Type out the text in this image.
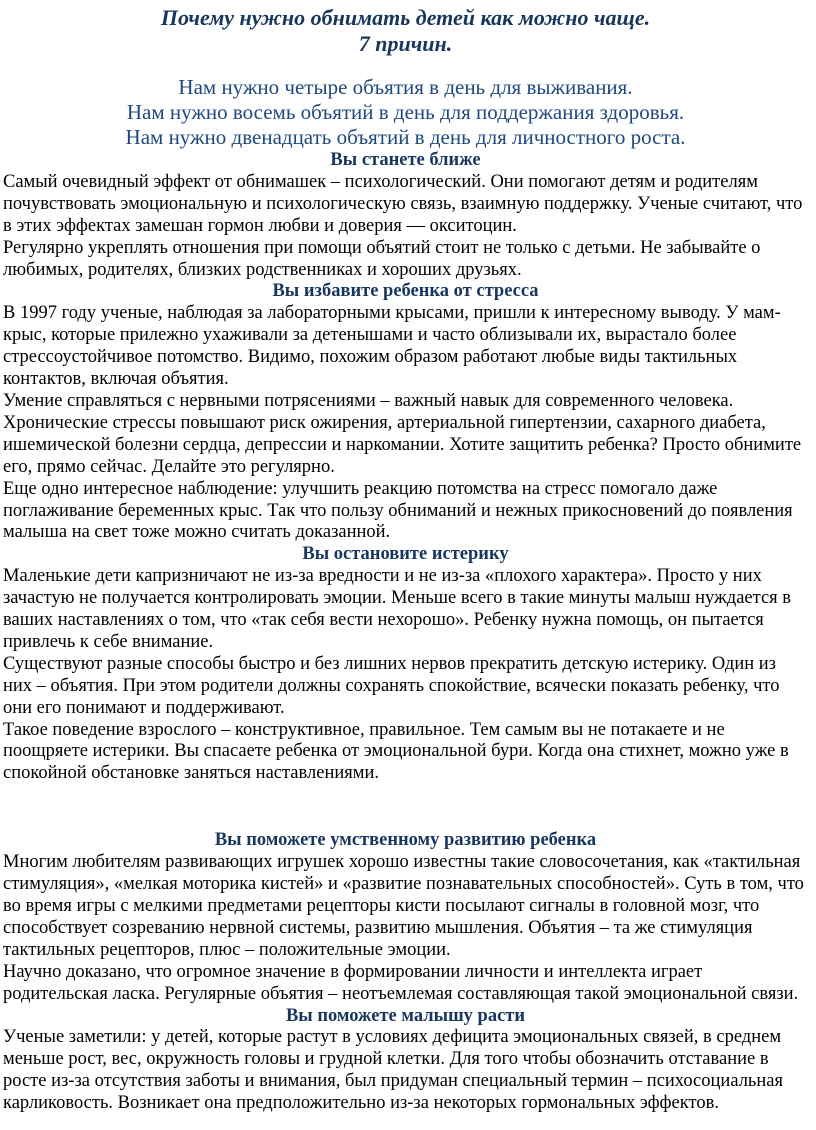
Почему нужно обнимать детей как можно чаще.
7 причин.
Нам нужно четыре объятия в день для выживания.
Нам нужно восемь объятий в день для поддержания здоровья.
Нам нужно двенадцать объятий в день для личностного роста.
Вы станете ближе

Самый очевидный эффект от обнимашек – психологический. Они помогают детям и родителям почувствовать эмоциональную и психологическую связь, взаимную поддержку. Ученые считают, что в этих эффектах замешан гормон любви и доверия — окситоцин.

Регулярно укреплять отношения при помощи объятий стоит не только с детьми. Не забывайте о любимых, родителях, близких родственниках и хороших друзьях.

Вы избавите ребенка от стресса

В 1997 году ученые, наблюдая за лабораторными крысами, пришли к интересному выводу. У мам-крыс, которые прилежно ухаживали за детенышами и часто облизывали их, вырастало более стрессоустойчивое потомство. Видимо, похожим образом работают любые виды тактильных контактов, включая объятия.

Умение справляться с нервными потрясениями – важный навык для современного человека. Хронические стрессы повышают риск ожирения, артериальной гипертензии, сахарного диабета, ишемической болезни сердца, депрессии и наркомании. Хотите защитить ребенка? Просто обнимите его, прямо сейчас. Делайте это регулярно.

Еще одно интересное наблюдение: улучшить реакцию потомства на стресс помогало даже поглаживание беременных крыс. Так что пользу обниманий и нежных прикосновений до появления малыша на свет тоже можно считать доказанной.

Вы остановите истерику

Маленькие дети капризничают не из-за вредности и не из-за «плохого характера». Просто у них зачастую не получается контролировать эмоции. Меньше всего в такие минуты малыш нуждается в ваших наставлениях о том, что «так себя вести нехорошо». Ребенку нужна помощь, он пытается привлечь к себе внимание.

Существуют разные способы быстро и без лишних нервов прекратить детскую истерику. Один из них – объятия. При этом родители должны сохранять спокойствие, всячески показать ребенку, что они его понимают и поддерживают.

Такое поведение взрослого – конструктивное, правильное. Тем самым вы не потакаете и не поощряете истерики. Вы спасаете ребенка от эмоциональной бури. Когда она стихнет, можно уже в спокойной обстановке заняться наставлениями.

Вы поможете умственному развитию ребенка

Многим любителям развивающих игрушек хорошо известны такие словосочетания, как «тактильная стимуляция», «мелкая моторика кистей» и «развитие познавательных способностей». Суть в том, что во время игры с мелкими предметами рецепторы кисти посылают сигналы в головной мозг, что способствует созреванию нервной системы, развитию мышления. Объятия – та же стимуляция тактильных рецепторов, плюс – положительные эмоции.

Научно доказано, что огромное значение в формировании личности и интеллекта играет родительская ласка. Регулярные объятия – неотъемлемая составляющая такой эмоциональной связи.

Вы поможете малышу расти

Ученые заметили: у детей, которые растут в условиях дефицита эмоциональных связей, в среднем меньше рост, вес, окружность головы и грудной клетки. Для того чтобы обозначить отставание в росте из-за отсутствия заботы и внимания, был придуман специальный термин – психосоциальная карликовость. Возникает она предположительно из-за некоторых гормональных эффектов.
